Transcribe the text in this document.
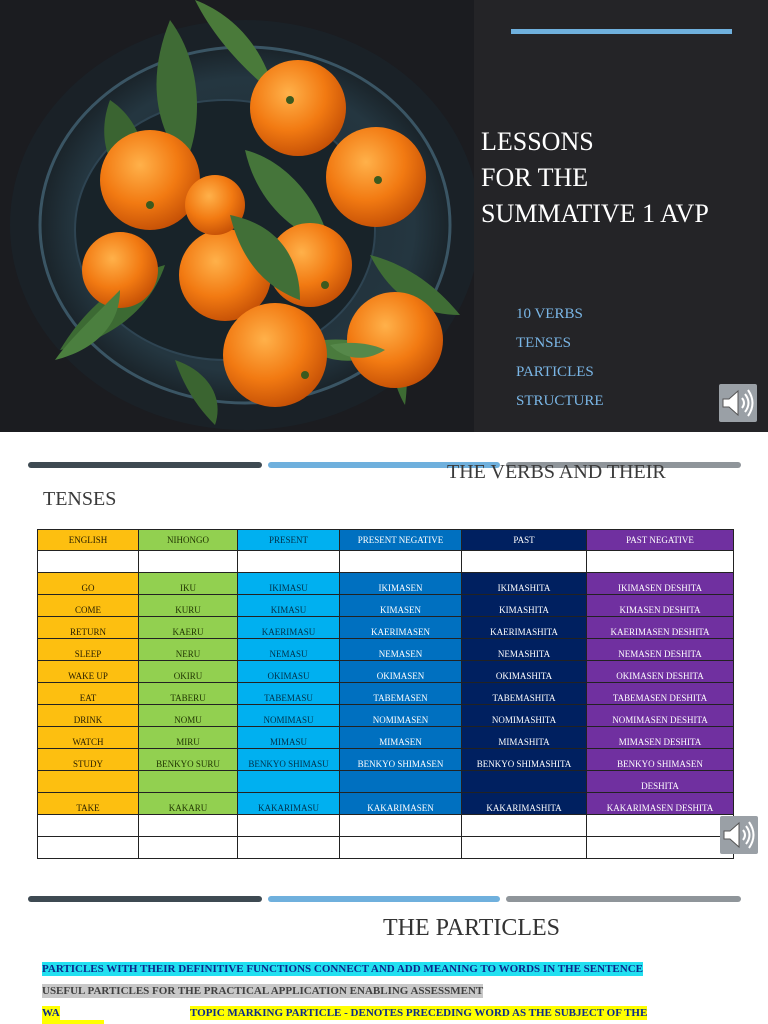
LESSONS
FOR THE
SUMMATIVE 1 AVP
10 VERBS
TENSES
PARTICLES
STRUCTURE
THE VERBS AND THEIR
TENSES
ENGLISH	NIHONGO	PRESENT	PRESENT NEGATIVE	PAST	PAST NEGATIVE

GO	IKU	IKIMASU	IKIMASEN	IKIMASHITA	IKIMASEN DESHITA
COME	KURU	KIMASU	KIMASEN	KIMASHITA	KIMASEN DESHITA
RETURN	KAERU	KAERIMASU	KAERIMASEN	KAERIMASHITA	KAERIMASEN DESHITA
SLEEP	NERU	NEMASU	NEMASEN	NEMASHITA	NEMASEN DESHITA
WAKE UP	OKIRU	OKIMASU	OKIMASEN	OKIMASHITA	OKIMASEN DESHITA
EAT	TABERU	TABEMASU	TABEMASEN	TABEMASHITA	TABEMASEN DESHITA
DRINK	NOMU	NOMIMASU	NOMIMASEN	NOMIMASHITA	NOMIMASEN DESHITA
WATCH	MIRU	MIMASU	MIMASEN	MIMASHITA	MIMASEN DESHITA
STUDY	BENKYO SURU	BENKYO SHIMASU	BENKYO SHIMASEN	BENKYO SHIMASHITA	BENKYO SHIMASEN
					DESHITA
TAKE	KAKARU	KAKARIMASU	KAKARIMASEN	KAKARIMASHITA	KAKARIMASEN DESHITA

THE PARTICLES
PARTICLES WITH THEIR DEFINITIVE FUNCTIONS CONNECT AND ADD MEANING TO WORDS IN THE SENTENCE
USEFUL PARTICLES FOR THE PRACTICAL APPLICATION ENABLING ASSESSMENT
WA	TOPIC MARKING PARTICLE - DENOTES PRECEDING WORD AS THE SUBJECT OF THE
